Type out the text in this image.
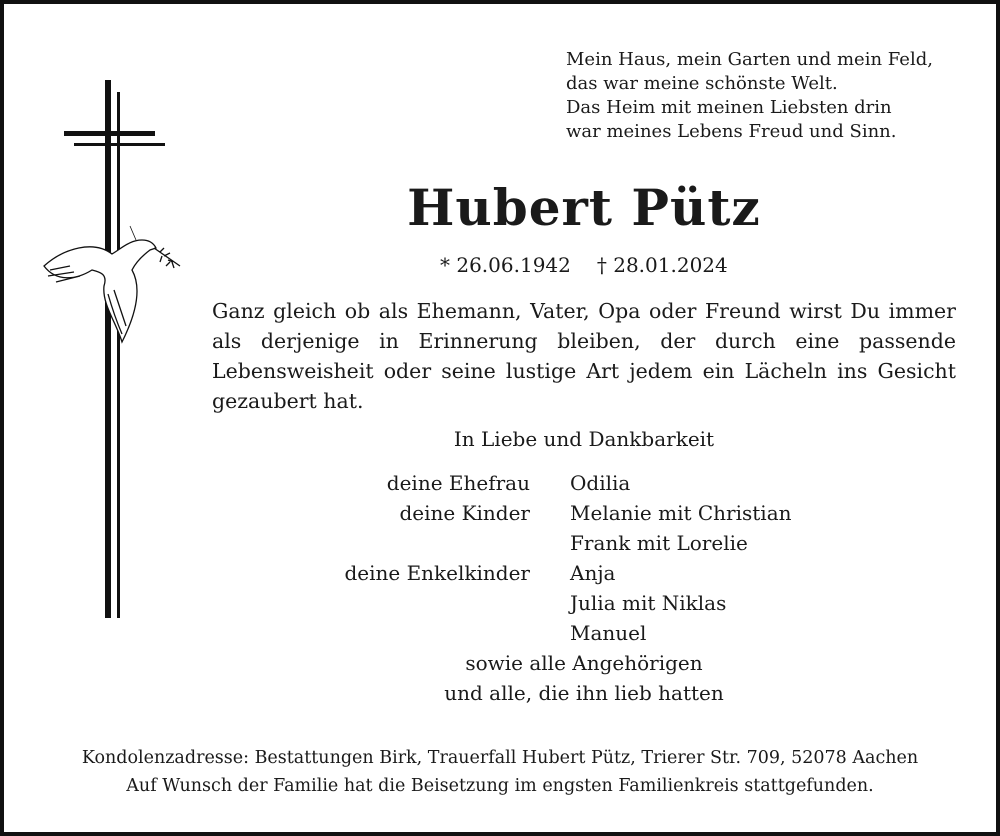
Mein Haus, mein Garten und mein Feld,
das war meine schönste Welt.
Das Heim mit meinen Liebsten drin
war meines Lebens Freud und Sinn.
Hubert Pütz
* 26.06.1942 † 28.01.2024
Ganz gleich ob als Ehemann, Vater, Opa oder Freund wirst Du immer als derjenige in Erinnerung bleiben, der durch eine passende Lebensweisheit oder seine lustige Art jedem ein Lächeln ins Gesicht gezaubert hat.
In Liebe und Dankbarkeit
deine Ehefrau Odilia
deine Kinder Melanie mit Christian
Frank mit Lorelie
deine Enkelkinder Anja
Julia mit Niklas
Manuel
sowie alle Angehörigen
und alle, die ihn lieb hatten
Kondolenzadresse: Bestattungen Birk, Trauerfall Hubert Pütz, Trierer Str. 709, 52078 Aachen
Auf Wunsch der Familie hat die Beisetzung im engsten Familienkreis stattgefunden.
